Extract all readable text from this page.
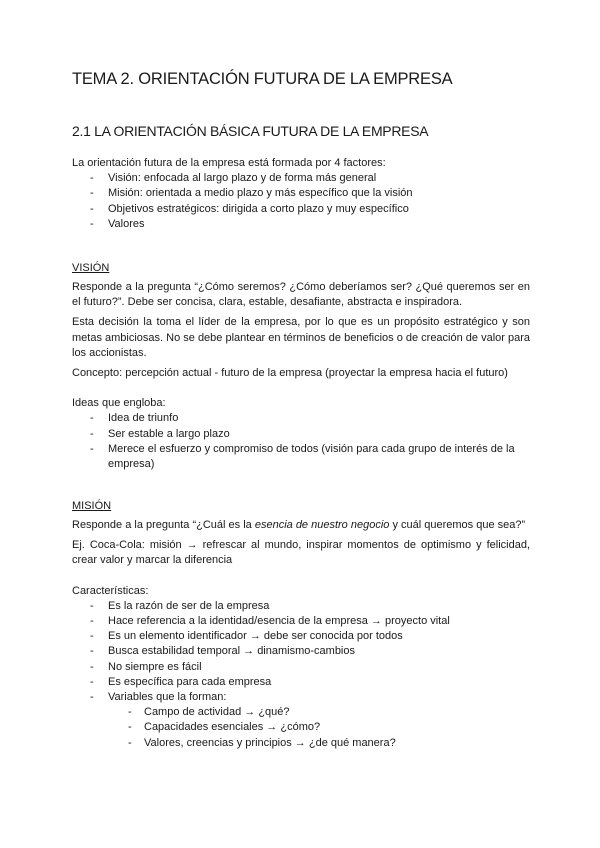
TEMA 2. ORIENTACIÓN FUTURA DE LA EMPRESA
2.1 LA ORIENTACIÓN BÁSICA FUTURA DE LA EMPRESA

La orientación futura de la empresa está formada por 4 factores:

- Visión: enfocada al largo plazo y de forma más general
- Misión: orientada a medio plazo y más específico que la visión
- Objetivos estratégicos: dirigida a corto plazo y muy específico
- Valores
VISIÓN

Responde a la pregunta “¿Cómo seremos? ¿Cómo deberíamos ser? ¿Qué queremos ser en el futuro?”. Debe ser concisa, clara, estable, desafiante, abstracta e inspiradora.

Esta decisión la toma el líder de la empresa, por lo que es un propósito estratégico y son metas ambiciosas. No se debe plantear en términos de beneficios o de creación de valor para los accionistas.

Concepto: percepción actual - futuro de la empresa (proyectar la empresa hacia el futuro)

Ideas que engloba:

- Idea de triunfo
- Ser estable a largo plazo
- Merece el esfuerzo y compromiso de todos (visión para cada grupo de interés de la empresa)
MISIÓN

Responde a la pregunta “¿Cuál es la esencia de nuestro negocio y cuál queremos que sea?”

Ej. Coca-Cola: misión → refrescar al mundo, inspirar momentos de optimismo y felicidad, crear valor y marcar la diferencia

Características:

- Es la razón de ser de la empresa
- Hace referencia a la identidad/esencia de la empresa → proyecto vital
- Es un elemento identificador → debe ser conocida por todos
- Busca estabilidad temporal → dinamismo-cambios
- No siempre es fácil
- Es específica para cada empresa
- Variables que la forman:
- Campo de actividad → ¿qué?
- Capacidades esenciales → ¿cómo?
- Valores, creencias y principios → ¿de qué manera?
